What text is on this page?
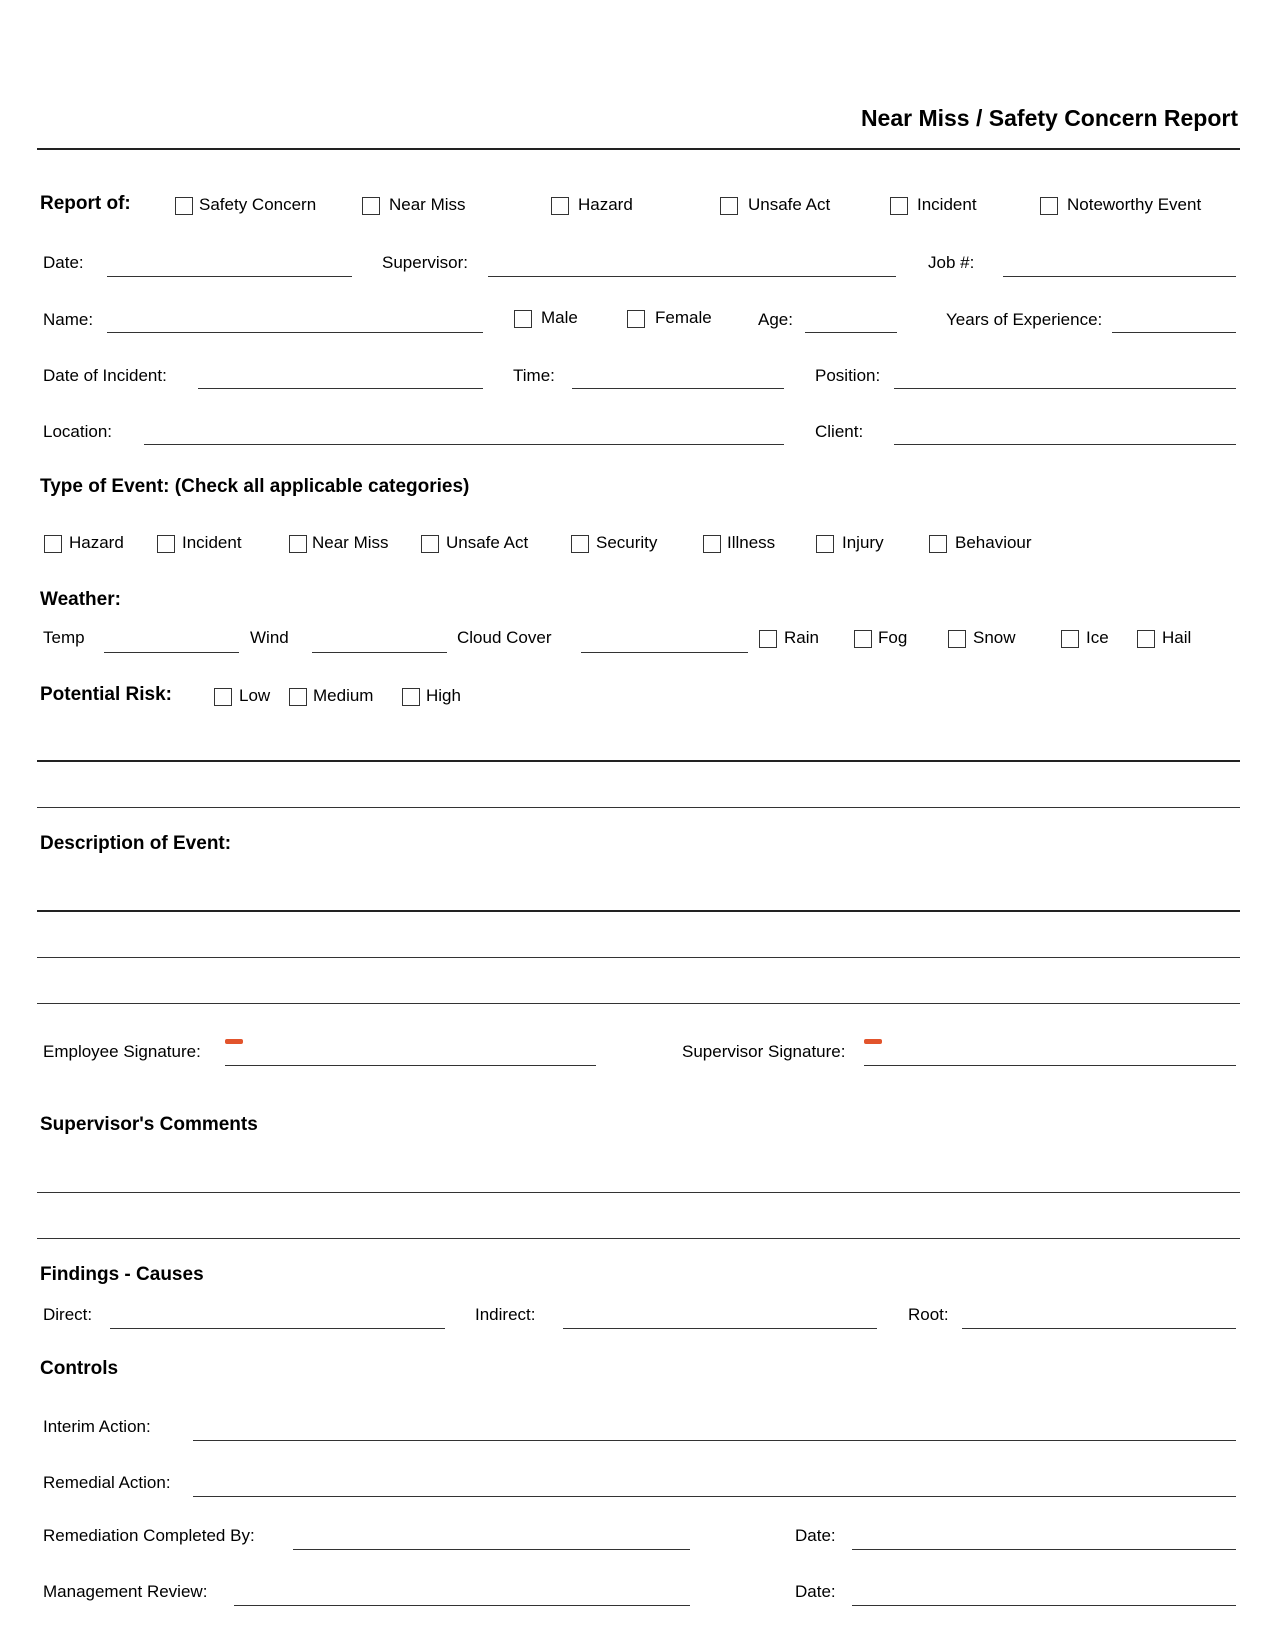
Near Miss / Safety Concern Report
Report of:	Safety Concern	Near Miss	Hazard	Unsafe Act	Incident	Noteworthy Event
Date:	Supervisor:	Job #:
Name:	Male	Female	Age:	Years of Experience:
Date of Incident:	Time:	Position:
Location:	Client:
Type of Event: (Check all applicable categories)
Hazard	Incident	Near Miss	Unsafe Act	Security	Illness	Injury	Behaviour
Weather:
Temp	Wind	Cloud Cover	Rain	Fog	Snow	Ice	Hail
Potential Risk:	Low	Medium	High
Description of Event:
Employee Signature:	Supervisor Signature:
Supervisor's Comments
Findings - Causes
Direct:	Indirect:	Root:
Controls
Interim Action:
Remedial Action:
Remediation Completed By:	Date:
Management Review:	Date:
